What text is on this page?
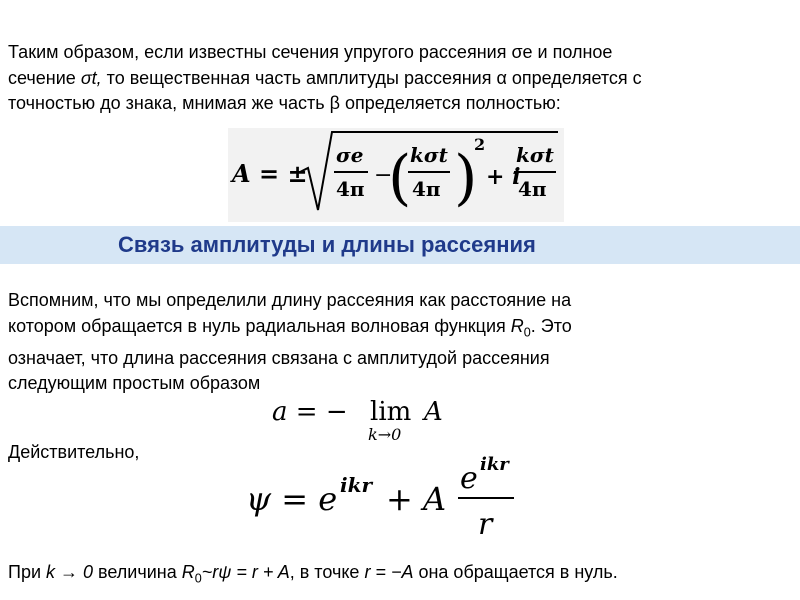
Таким образом, если известны сечения упругого рассеяния σe и полное
сечение σt, то вещественная часть амплитуды рассеяния α определяется с
точностью до знака, мнимая же часть β определяется полностью:
A = ±
σe
4π
−
(
kσt
4π )
2
+ i
kσt
4π
Связь амплитуды и длины рассеяния
Вспомним, что мы определили длину рассеяния как расстояние на
котором обращается в нуль радиальная волновая функция $R_0$. Это
означает, что длина рассеяния связана с амплитудой рассеяния
следующим простым образом
a = − lim
k→0
A
Действительно,
ψ = e ikr + A
e ikr
r
При k → 0 величина $R_0\sim r\psi = r + A$, в точке r = −A она обращается в нуль.
